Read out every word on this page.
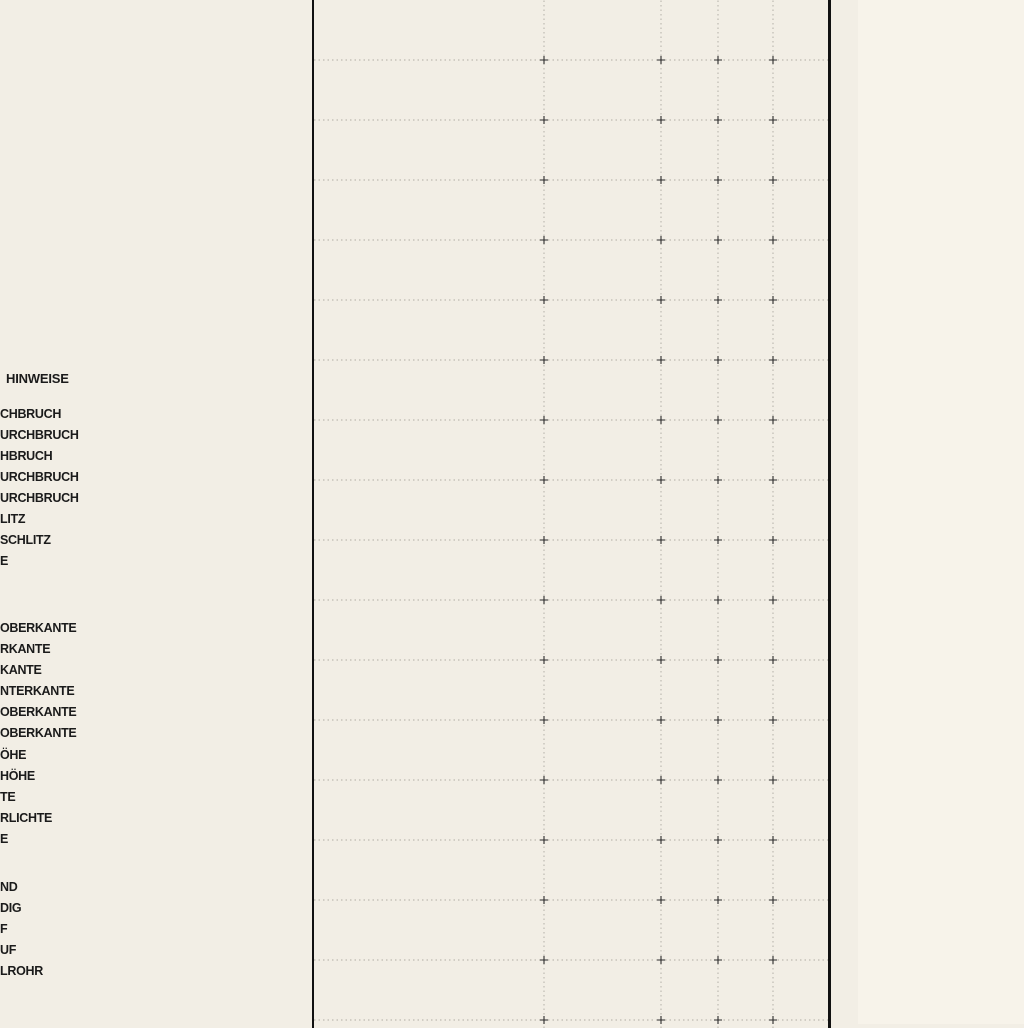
HINWEISE
CHBRUCH
URCHBRUCH
HBRUCH
URCHBRUCH
URCHBRUCH
LITZ
SCHLITZ
E
OBERKANTE
RKANTE
KANTE
NTERKANTE
OBERKANTE
OBERKANTE
ÖHE
HÖHE
TE
RLICHTE
E
ND
DIG
F
UF
LROHR
